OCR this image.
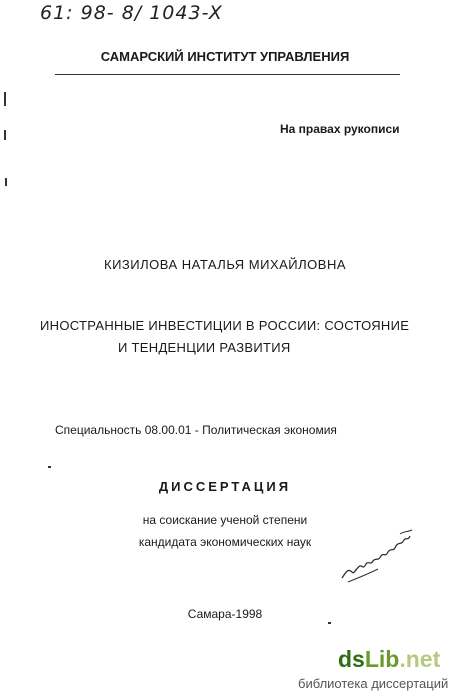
61: 98- 8/ 1043-X
САМАРСКИЙ ИНСТИТУТ УПРАВЛЕНИЯ
На правах рукописи
КИЗИЛОВА НАТАЛЬЯ МИХАЙЛОВНА
ИНОСТРАННЫЕ ИНВЕСТИЦИИ В РОССИИ: СОСТОЯНИЕ
И ТЕНДЕНЦИИ РАЗВИТИЯ
Специальность 08.00.01 - Политическая экономия
ДИССЕРТАЦИЯ
на соискание ученой степени
кандидата экономических наук
Самара-1998
dsLib.net
библиотека диссертаций
